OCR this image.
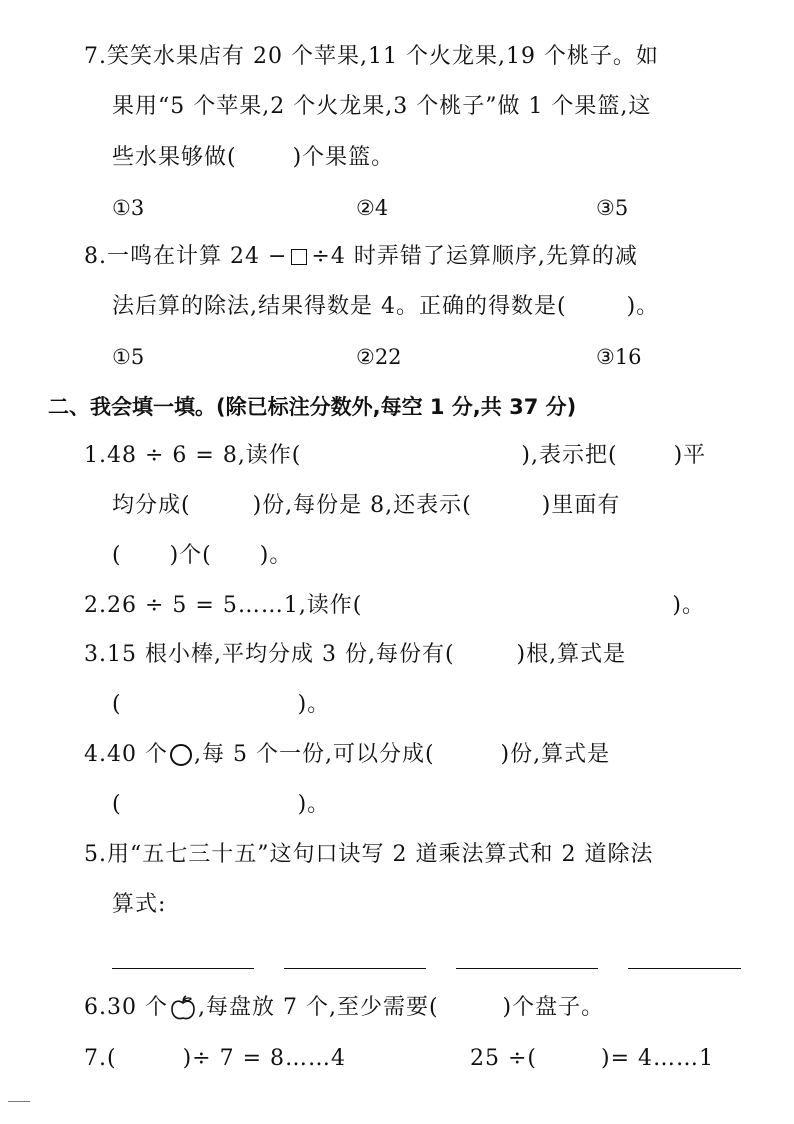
7.笑笑水果店有 20 个苹果,11 个火龙果,19 个桃子。如
果用“5 个苹果,2 个火龙果,3 个桃子”做 1 个果篮,这
些水果够做(	)个果篮。
①3	②4	③5
8.一鸣在计算 24 − ÷4 时弄错了运算顺序,先算的减
法后算的除法,结果得数是 4。正确的得数是(	)。
①5	②22	③16
二、我会填一填。(除已标注分数外,每空 1 分,共 37 分)
1.48 ÷ 6 = 8,读作(	),表示把(	)平
均分成(	)份,每份是 8,还表示(	)里面有
( )个( )。
2.26 ÷ 5 = 5……1,读作(	)。
3.15 根小棒,平均分成 3 份,每份有(	)根,算式是
(	)。
4.40 个 ,每 5 个一份,可以分成(	)份,算式是
(	)。
5.用“五七三十五”这句口诀写 2 道乘法算式和 2 道除法
算式:
6.30 个 ,每盘放 7 个,至少需要(	)个盘子。
7.(	)÷ 7 = 8……4	25 ÷(	)= 4……1
